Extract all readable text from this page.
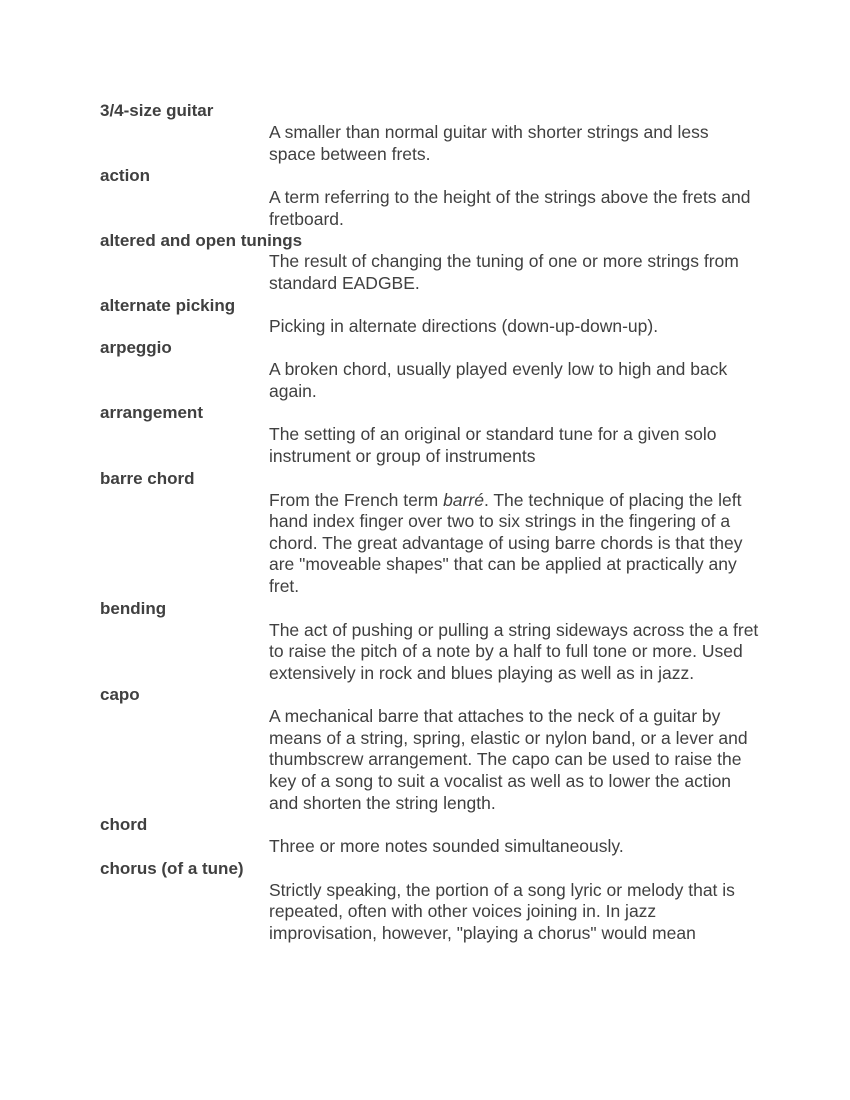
3/4-size guitar
A smaller than normal guitar with shorter strings and less space between frets.
action
A term referring to the height of the strings above the frets and fretboard.
altered and open tunings
The result of changing the tuning of one or more strings from standard EADGBE.
alternate picking
Picking in alternate directions (down-up-down-up).
arpeggio
A broken chord, usually played evenly low to high and back again.
arrangement
The setting of an original or standard tune for a given solo instrument or group of instruments
barre chord
From the French term barré. The technique of placing the left hand index finger over two to six strings in the fingering of a chord. The great advantage of using barre chords is that they are "moveable shapes" that can be applied at practically any fret.
bending
The act of pushing or pulling a string sideways across the a fret to raise the pitch of a note by a half to full tone or more. Used extensively in rock and blues playing as well as in jazz.
capo
A mechanical barre that attaches to the neck of a guitar by means of a string, spring, elastic or nylon band, or a lever and thumbscrew arrangement. The capo can be used to raise the key of a song to suit a vocalist as well as to lower the action and shorten the string length.
chord
Three or more notes sounded simultaneously.
chorus (of a tune)
Strictly speaking, the portion of a song lyric or melody that is repeated, often with other voices joining in. In jazz improvisation, however, "playing a chorus" would mean
